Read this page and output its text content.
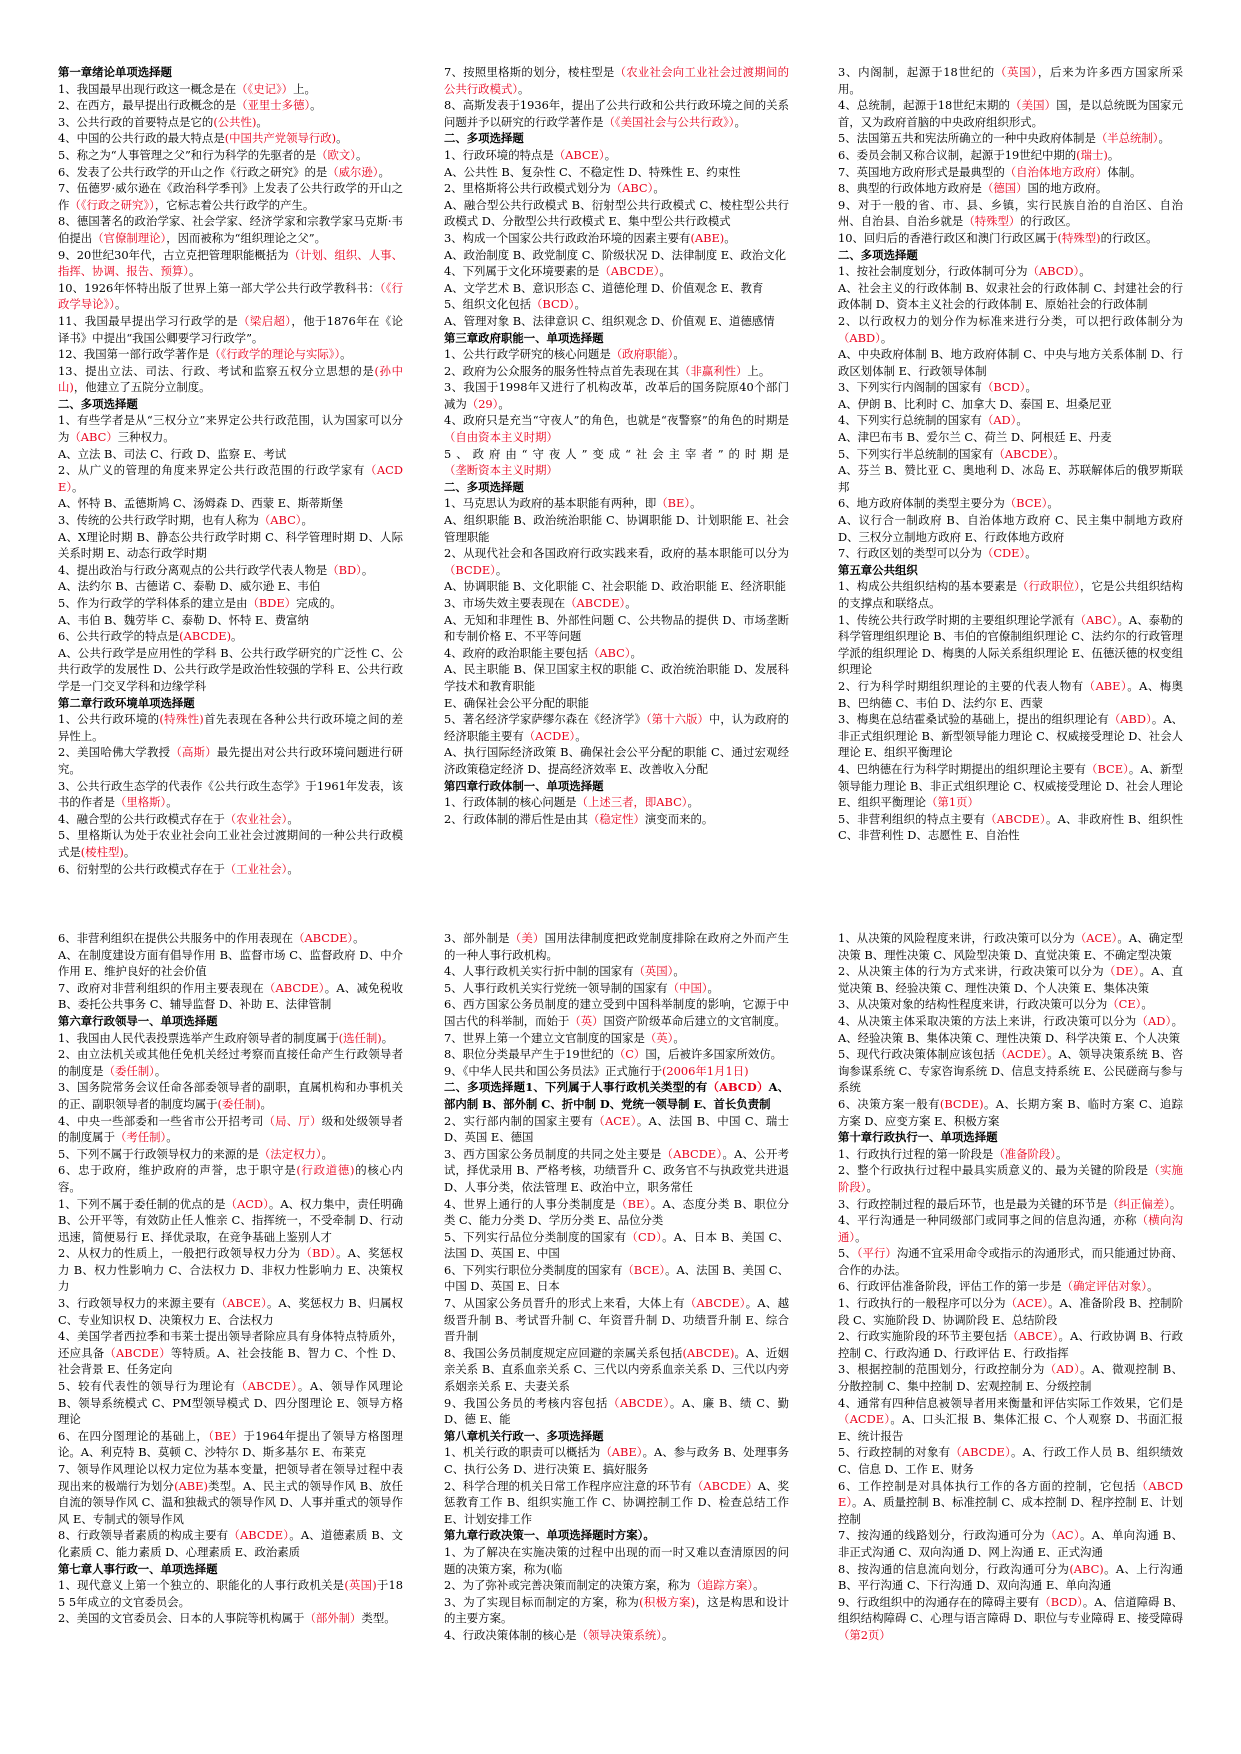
第一章绪论单项选择题

1、我国最早出现行政这一概念是在（《史记》）上。

2、在西方，最早提出行政概念的是（亚里士多德）。

3、公共行政的首要特点是它的(公共性)。

4、中国的公共行政的最大特点是(中国共产党领导行政)。

5、称之为“人事管理之父”和行为科学的先驱者的是（欧文）。

6、发表了公共行政学的开山之作《行政之研究》的是（威尔逊）。

7、伍德罗·威尔逊在《政治科学季刊》上发表了公共行政学的开山之作（《行政之研究》），它标志着公共行政学的产生。

8、德国著名的政治学家、社会学家、经济学家和宗教学家马克斯·韦伯提出（官僚制理论），因而被称为“组织理论之父”。

9、20世纪30年代，古立克把管理职能概括为（计划、组织、人事、指挥、协调、报告、预算）。

10、1926年怀特出版了世界上第一部大学公共行政学教科书：（《行政学导论》）。

11、我国最早提出学习行政学的是（梁启超），他于1876年在《论译书》中提出“我国公卿要学习行政学”。

12、我国第一部行政学著作是（《行政学的理论与实际》）。

13、提出立法、司法、行政、考试和监察五权分立思想的是(孙中山)，他建立了五院分立制度。

二、多项选择题

1、有些学者是从“三权分立”来界定公共行政范围，认为国家可以分为（ABC）三种权力。

A、立法 B、司法 C、行政 D、监察 E、考试

2、从广义的管理的角度来界定公共行政范围的行政学家有（ACDE）。

A、怀特 B、孟德斯鸠 C、汤姆森 D、西蒙 E、斯蒂斯堡

3、传统的公共行政学时期，也有人称为（ABC）。

A、X理论时期 B、静态公共行政学时期 C、科学管理时期 D、人际关系时期 E、动态行政学时期

4、提出政治与行政分离观点的公共行政学代表人物是（BD）。

A、法约尔 B、古德诺 C、泰勒 D、威尔逊 E、韦伯

5、作为行政学的学科体系的建立是由（BDE）完成的。

A、韦伯 B、魏劳毕 C、泰勒 D、怀特 E、费富纳

6、公共行政学的特点是(ABCDE)。

A、公共行政学是应用性的学科 B、公共行政学研究的广泛性 C、公共行政学的发展性 D、公共行政学是政治性较强的学科 E、公共行政学是一门交叉学科和边缘学科

第二章行政环境单项选择题

1、公共行政环境的(特殊性)首先表现在各种公共行政环境之间的差异性上。

2、美国哈佛大学教授（高斯）最先提出对公共行政环境问题进行研究。

3、公共行政生态学的代表作《公共行政生态学》于1961年发表，该书的作者是（里格斯）。

4、融合型的公共行政模式存在于（农业社会）。

5、里格斯认为处于农业社会向工业社会过渡期间的一种公共行政模式是(棱柱型)。

6、衍射型的公共行政模式存在于（工业社会）。

7、按照里格斯的划分，棱柱型是（农业社会向工业社会过渡期间的公共行政模式）。

8、高斯发表于1936年，提出了公共行政和公共行政环境之间的关系问题并予以研究的行政学著作是（《美国社会与公共行政》）。

二、多项选择题

1、行政环境的特点是（ABCE）。

A、公共性 B、复杂性 C、不稳定性 D、特殊性 E、约束性

2、里格斯将公共行政模式划分为（ABC）。

A、融合型公共行政模式 B、衍射型公共行政模式 C、棱柱型公共行政模式 D、分散型公共行政模式 E、集中型公共行政模式

3、构成一个国家公共行政政治环境的因素主要有(ABE)。

A、政治制度 B、政党制度 C、阶级状况 D、法律制度 E、政治文化

4、下列属于文化环境要素的是（ABCDE）。

A、文学艺术 B、意识形态 C、道德伦理 D、价值观念 E、教育

5、组织文化包括（BCD）。

A、管理对象 B、法律意识 C、组织观念 D、价值观 E、道德感情

第三章政府职能一、单项选择题

1、公共行政学研究的核心问题是（政府职能）。

2、政府为公众服务的服务性特点首先表现在其（非赢利性）上。

3、我国于1998年又进行了机构改革，改革后的国务院原40个部门减为（29）。

4、政府只是充当“守夜人”的角色，也就是“夜警察”的角色的时期是（自由资本主义时期）

5、政府由“守夜人”变成“社会主宰者”的时期是（垄断资本主义时期）

二、多项选择题

1、马克思认为政府的基本职能有两种，即（BE）。

A、组织职能 B、政治统治职能 C、协调职能 D、计划职能 E、社会管理职能

2、从现代社会和各国政府行政实践来看，政府的基本职能可以分为（BCDE）。

A、协调职能 B、文化职能 C、社会职能 D、政治职能 E、经济职能

3、市场失效主要表现在（ABCDE）。

A、无知和非理性 B、外部性问题 C、公共物品的提供 D、市场垄断和专制价格 E、不平等问题

4、政府的政治职能主要包括（ABC）。

A、民主职能 B、保卫国家主权的职能 C、政治统治职能 D、发展科学技术和教育职能

E、确保社会公平分配的职能

5、著名经济学家萨缪尔森在《经济学》（第十六版）中，认为政府的经济职能主要有（ACDE）。

A、执行国际经济政策 B、确保社会公平分配的职能 C、通过宏观经济政策稳定经济 D、提高经济效率 E、改善收入分配

第四章行政体制一、单项选择题

1、行政体制的核心问题是（上述三者，即ABC）。

2、行政体制的滞后性是由其（稳定性）演变而来的。

3、内阁制，起源于18世纪的（英国），后来为许多西方国家所采用。

4、总统制，起源于18世纪末期的（美国）国，是以总统既为国家元首，又为政府首脑的中央政府组织形式。

5、法国第五共和宪法所确立的一种中央政府体制是（半总统制）。

6、委员会制又称合议制，起源于19世纪中期的(瑞士)。

7、英国地方政府形式是最典型的（自治体地方政府）体制。

8、典型的行政体地方政府是（德国）国的地方政府。

9、对于一般的省、市、县、乡镇，实行民族自治的自治区、自治州、自治县、自治乡就是（特殊型）的行政区。

10、回归后的香港行政区和澳门行政区属于(特殊型)的行政区。

二、多项选择题

1、按社会制度划分，行政体制可分为（ABCD）。

A、社会主义的行政体制 B、奴隶社会的行政体制 C、封建社会的行政体制 D、资本主义社会的行政体制 E、原始社会的行政体制

2、以行政权力的划分作为标准来进行分类，可以把行政体制分为（ABD）。

A、中央政府体制 B、地方政府体制 C、中央与地方关系体制 D、行政区划体制 E、行政领导体制

3、下列实行内阁制的国家有（BCD）。

A、伊朗 B、比利时 C、加拿大 D、泰国 E、坦桑尼亚

4、下列实行总统制的国家有（AD）。

A、津巴布韦 B、爱尔兰 C、荷兰 D、阿根廷 E、丹麦

5、下列实行半总统制的国家有（ABCDE）。

A、芬兰 B、赞比亚 C、奥地利 D、冰岛 E、苏联解体后的俄罗斯联邦

6、地方政府体制的类型主要分为（BCE）。

A、议行合一制政府 B、自治体地方政府 C、民主集中制地方政府 D、三权分立制地方政府 E、行政体地方政府

7、行政区划的类型可以分为（CDE）。

第五章公共组织

1、构成公共组织结构的基本要素是（行政职位），它是公共组织结构的支撑点和联络点。

1、传统公共行政学时期的主要组织理论学派有（ABC）。A、泰勒的科学管理组织理论 B、韦伯的官僚制组织理论 C、法约尔的行政管理学派的组织理论 D、梅奥的人际关系组织理论 E、伍德沃德的权变组织理论

2、行为科学时期组织理论的主要的代表人物有（ABE）。A、梅奥 B、巴纳德 C、韦伯 D、法约尔 E、西蒙

3、梅奥在总结霍桑试验的基础上，提出的组织理论有（ABD）。A、非正式组织理论 B、新型领导能力理论 C、权威接受理论 D、社会人理论 E、组织平衡理论

4、巴纳德在行为科学时期提出的组织理论主要有（BCE）。A、新型领导能力理论 B、非正式组织理论 C、权威接受理论 D、社会人理论 E、组织平衡理论（第1页）

5、非营利组织的特点主要有（ABCDE）。A、非政府性 B、组织性 C、非营利性 D、志愿性 E、自治性

6、非营利组织在提供公共服务中的作用表现在（ABCDE）。

A、在制度建设方面有倡导作用 B、监督市场 C、监督政府 D、中介作用 E、维护良好的社会价值

7、政府对非营利组织的作用主要表现在（ABCDE）。A、减免税收 B、委托公共事务 C、辅导监督 D、补助 E、法律管制

第六章行政领导一、单项选择题

1、我国由人民代表投票选举产生政府领导者的制度属于(选任制)。

2、由立法机关或其他任免机关经过考察而直接任命产生行政领导者的制度是（委任制）。

3、国务院常务会议任命各部委领导者的副职，直属机构和办事机关的正、副职领导者的制度均属于(委任制)。

4、中央一些部委和一些省市公开招考司（局、厅）级和处级领导者的制度属于（考任制）。

5、下列不属于行政领导权力的来源的是（法定权力）。

6、忠于政府，维护政府的声誉，忠于职守是(行政道德)的核心内容。

1、下列不属于委任制的优点的是（ACD）。A、权力集中，责任明确 B、公开平等，有效防止任人惟亲 C、指挥统一，不受牵制 D、行动迅速，简便易行 E、择优录取，在竞争基础上鉴别人才

2、从权力的性质上，一般把行政领导权力分为（BD）。A、奖惩权力 B、权力性影响力 C、合法权力 D、非权力性影响力 E、决策权力

3、行政领导权力的来源主要有（ABCE）。A、奖惩权力 B、归属权 C、专业知识权 D、决策权力 E、合法权力

4、美国学者西拉季和韦莱士提出领导者除应具有身体特点特质外，还应具备（ABCDE）等特质。A、社会技能 B、智力 C、个性 D、社会背景 E、任务定向

5、较有代表性的领导行为理论有（ABCDE）。A、领导作风理论 B、领导系统模式 C、PM型领导模式 D、四分图理论 E、领导方格理论

6、在四分图理论的基础上，（BE）于1964年提出了领导方格图理论。A、利克特 B、莫顿 C、沙特尔 D、斯多基尔 E、布莱克

7、领导作风理论以权力定位为基本变量，把领导者在领导过程中表现出来的极端行为划分(ABE)类型。A、民主式的领导作风 B、放任自流的领导作风 C、温和独裁式的领导作风 D、人事并重式的领导作风 E、专制式的领导作风

8、行政领导者素质的构成主要有（ABCDE）。A、道德素质 B、文化素质 C、能力素质 D、心理素质 E、政治素质

第七章人事行政一、单项选择题

1、现代意义上第一个独立的、职能化的人事行政机关是(英国)于185 5年成立的文官委员会。

2、美国的文官委员会、日本的人事院等机构属于（部外制）类型。

3、部外制是（美）国用法律制度把政党制度排除在政府之外而产生的一种人事行政机构。

4、人事行政机关实行折中制的国家有（英国）。

5、人事行政机关实行党统一领导制的国家有（中国）。

6、西方国家公务员制度的建立受到中国科举制度的影响，它源于中国古代的科举制，而始于（英）国资产阶级革命后建立的文官制度。

7、世界上第一个建立文官制度的国家是（英）。

8、职位分类最早产生于19世纪的（C）国，后被许多国家所效仿。

9、《中华人民共和国公务员法》正式施行于(2006年1月1日)

二、多项选择题1、下列属于人事行政机关类型的有（ABCD）A、部内制 B、部外制 C、折中制 D、党统一领导制 E、首长负责制

2、实行部内制的国家主要有（ACE）。A、法国 B、中国 C、瑞士 D、英国 E、德国

3、西方国家公务员制度的共同之处主要是（ABCDE）。A、公开考试，择优录用 B、严格考核，功绩晋升 C、政务官不与执政党共进退 D、人事分类，依法管理 E、政治中立，职务常任

4、世界上通行的人事分类制度是（BE）。A、态度分类 B、职位分类 C、能力分类 D、学历分类 E、品位分类

5、下列实行品位分类制度的国家有（CD）。A、日本 B、美国 C、法国 D、英国 E、中国

6、下列实行职位分类制度的国家有（BCE）。A、法国 B、美国 C、中国 D、英国 E、日本

7、从国家公务员晋升的形式上来看，大体上有（ABCDE）。A、越级晋升制 B、考试晋升制 C、年资晋升制 D、功绩晋升制 E、综合晋升制

8、我国公务员制度规定应回避的亲属关系包括(ABCDE)。A、近姻亲关系 B、直系血亲关系 C、三代以内旁系血亲关系 D、三代以内旁系姻亲关系 E、夫妻关系

9、我国公务员的考核内容包括（ABCDE）。A、廉 B、绩 C、勤 D、德 E、能

第八章机关行政一、多项选择题

1、机关行政的职责可以概括为（ABE）。A、参与政务 B、处理事务 C、执行公务 D、进行决策 E、搞好服务

2、科学合理的机关日常工作程序应注意的环节有（ABCDE）A、奖惩教育工作 B、组织实施工作 C、协调控制工作 D、检查总结工作 E、计划安排工作

第九章行政决策一、单项选择题时方案）。

1、为了解决在实施决策的过程中出现的而一时又难以查清原因的问题的决策方案，称为(临

2、为了弥补或完善决策而制定的决策方案，称为（追踪方案）。

3、为了实现目标而制定的方案，称为(积极方案)，这是构思和设计的主要方案。

4、行政决策体制的核心是（领导决策系统）。

1、从决策的风险程度来讲，行政决策可以分为（ACE）。A、确定型决策 B、理性决策 C、风险型决策 D、直觉决策 E、不确定型决策

2、从决策主体的行为方式来讲，行政决策可以分为（DE）。A、直觉决策 B、经验决策 C、理性决策 D、个人决策 E、集体决策

3、从决策对象的结构性程度来讲，行政决策可以分为（CE）。

4、从决策主体采取决策的方法上来讲，行政决策可以分为（AD）。A、经验决策 B、集体决策 C、理性决策 D、科学决策 E、个人决策

5、现代行政决策体制应该包括（ACDE）。A、领导决策系统 B、咨询参谋系统 C、专家咨询系统 D、信息支持系统 E、公民磋商与参与系统

6、决策方案一般有(BCDE)。A、长期方案 B、临时方案 C、追踪方案 D、应变方案 E、积极方案

第十章行政执行一、单项选择题

1、行政执行过程的第一阶段是（准备阶段）。

2、整个行政执行过程中最具实质意义的、最为关键的阶段是（实施阶段）。

3、行政控制过程的最后环节，也是最为关键的环节是（纠正偏差）。

4、平行沟通是一种同级部门或同事之间的信息沟通，亦称（横向沟通）。

5、（平行）沟通不宜采用命令或指示的沟通形式，而只能通过协商、合作的办法。

6、行政评估准备阶段，评估工作的第一步是（确定评估对象）。

1、行政执行的一般程序可以分为（ACE）。A、准备阶段 B、控制阶段 C、实施阶段 D、协调阶段 E、总结阶段

2、行政实施阶段的环节主要包括（ABCE）。A、行政协调 B、行政控制 C、行政沟通 D、行政评估 E、行政指挥

3、根据控制的范围划分，行政控制分为（AD）。A、微观控制 B、分散控制 C、集中控制 D、宏观控制 E、分级控制

4、通常有四种信息被领导者用来衡量和评估实际工作效果，它们是（ACDE）。A、口头汇报 B、集体汇报 C、个人观察 D、书面汇报 E、统计报告

5、行政控制的对象有（ABCDE）。A、行政工作人员 B、组织绩效 C、信息 D、工作 E、财务

6、工作控制是对具体执行工作的各方面的控制，它包括（ABCDE）。A、质量控制 B、标准控制 C、成本控制 D、程序控制 E、计划控制

7、按沟通的线路划分，行政沟通可分为（AC）。A、单向沟通 B、非正式沟通 C、双向沟通 D、网上沟通 E、正式沟通

8、按沟通的信息流向划分，行政沟通可分为(ABC)。A、上行沟通 B、平行沟通 C、下行沟通 D、双向沟通 E、单向沟通

9、行政组织中的沟通存在的障碍主要有（BCD）。A、信道障碍 B、组织结构障碍 C、心理与语言障碍 D、职位与专业障碍 E、接受障碍（第2页）
